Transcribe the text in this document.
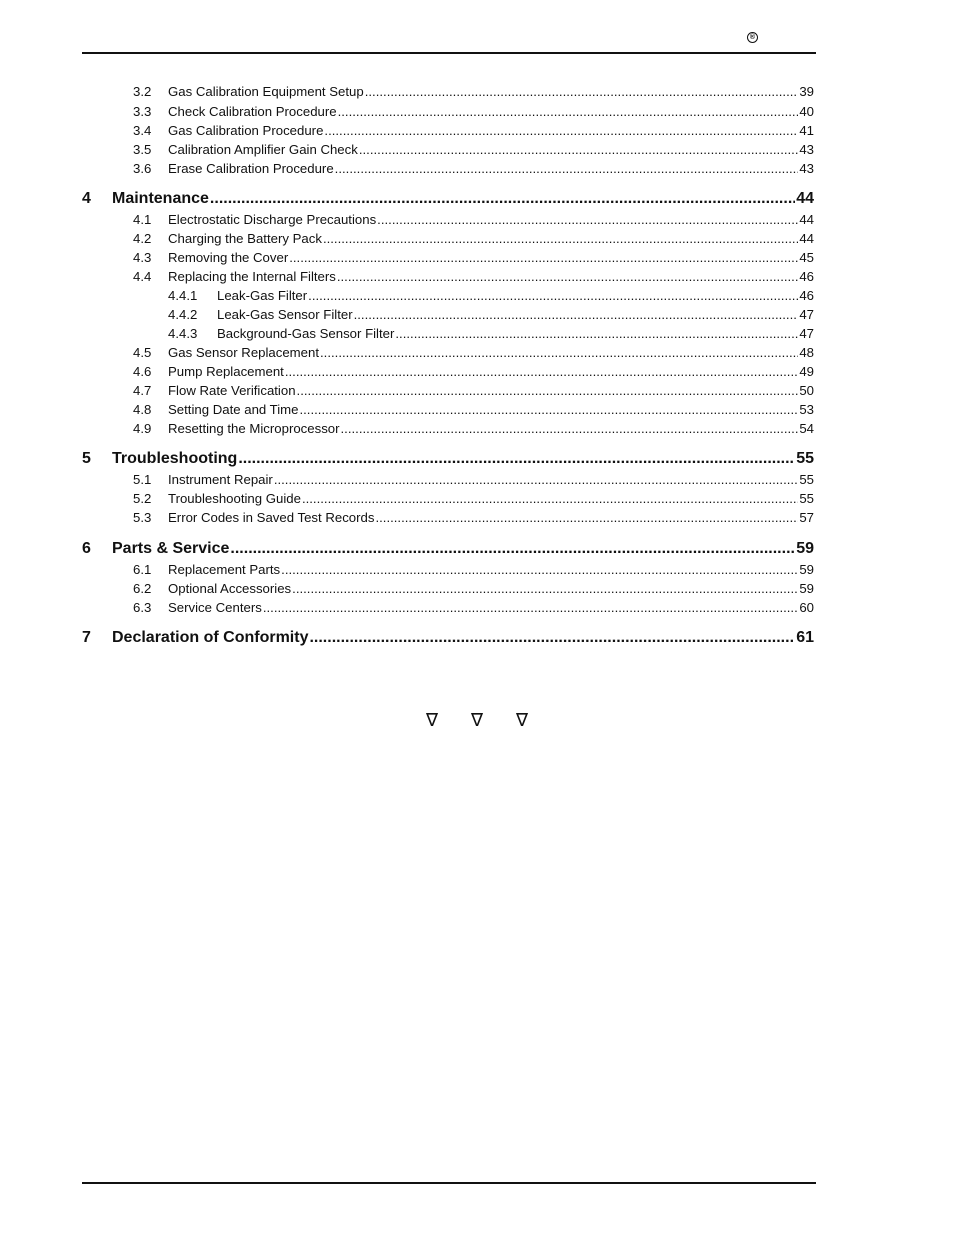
®
3.2	Gas Calibration Equipment Setup .....	39
3.3	Check Calibration Procedure .....	40
3.4	Gas Calibration Procedure .....	41
3.5	Calibration Amplifier Gain Check .....	43
3.6	Erase Calibration Procedure .....	43
4	Maintenance .....	44
4.1	Electrostatic Discharge Precautions .....	44
4.2	Charging the Battery Pack .....	44
4.3	Removing the Cover .....	45
4.4	Replacing the Internal Filters .....	46
4.4.1	Leak-Gas Filter .....	46
4.4.2	Leak-Gas Sensor Filter .....	47
4.4.3	Background-Gas Sensor Filter .....	47
4.5	Gas Sensor Replacement .....	48
4.6	Pump Replacement .....	49
4.7	Flow Rate Verification .....	50
4.8	Setting Date and Time .....	53
4.9	Resetting the Microprocessor .....	54
5	Troubleshooting .....	55
5.1	Instrument Repair .....	55
5.2	Troubleshooting Guide .....	55
5.3	Error Codes in Saved Test Records .....	57
6	Parts & Service .....	59
6.1	Replacement Parts .....	59
6.2	Optional Accessories .....	59
6.3	Service Centers .....	60
7	Declaration of Conformity .....	61
∇ ∇ ∇
